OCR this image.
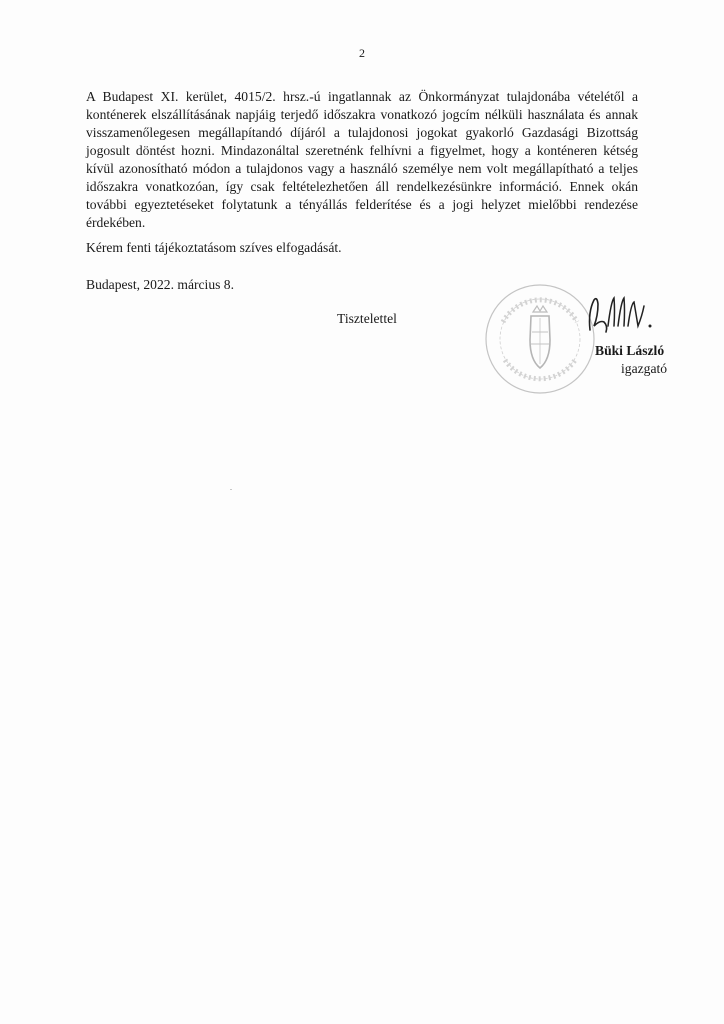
2

A Budapest XI. kerület, 4015/2. hrsz.-ú ingatlannak az Önkormányzat tulajdonába vételétől a konténerek elszállításának napjáig terjedő időszakra vonatkozó jogcím nélküli használata és annak visszamenőlegesen megállapítandó díjáról a tulajdonosi jogokat gyakorló Gazdasági Bizottság jogosult döntést hozni. Mindazonáltal szeretnénk felhívni a figyelmet, hogy a konténeren kétség kívül azonosítható módon a tulajdonos vagy a használó személye nem volt megállapítható a teljes időszakra vonatkozóan, így csak feltételezhetően áll rendelkezésünkre információ. Ennek okán további egyeztetéseket folytatunk a tényállás felderítése és a jogi helyzet mielőbbi rendezése érdekében.

Kérem fenti tájékoztatásom szíves elfogadását.

Budapest, 2022. március 8.

Tisztelettel

Büki László

igazgató
